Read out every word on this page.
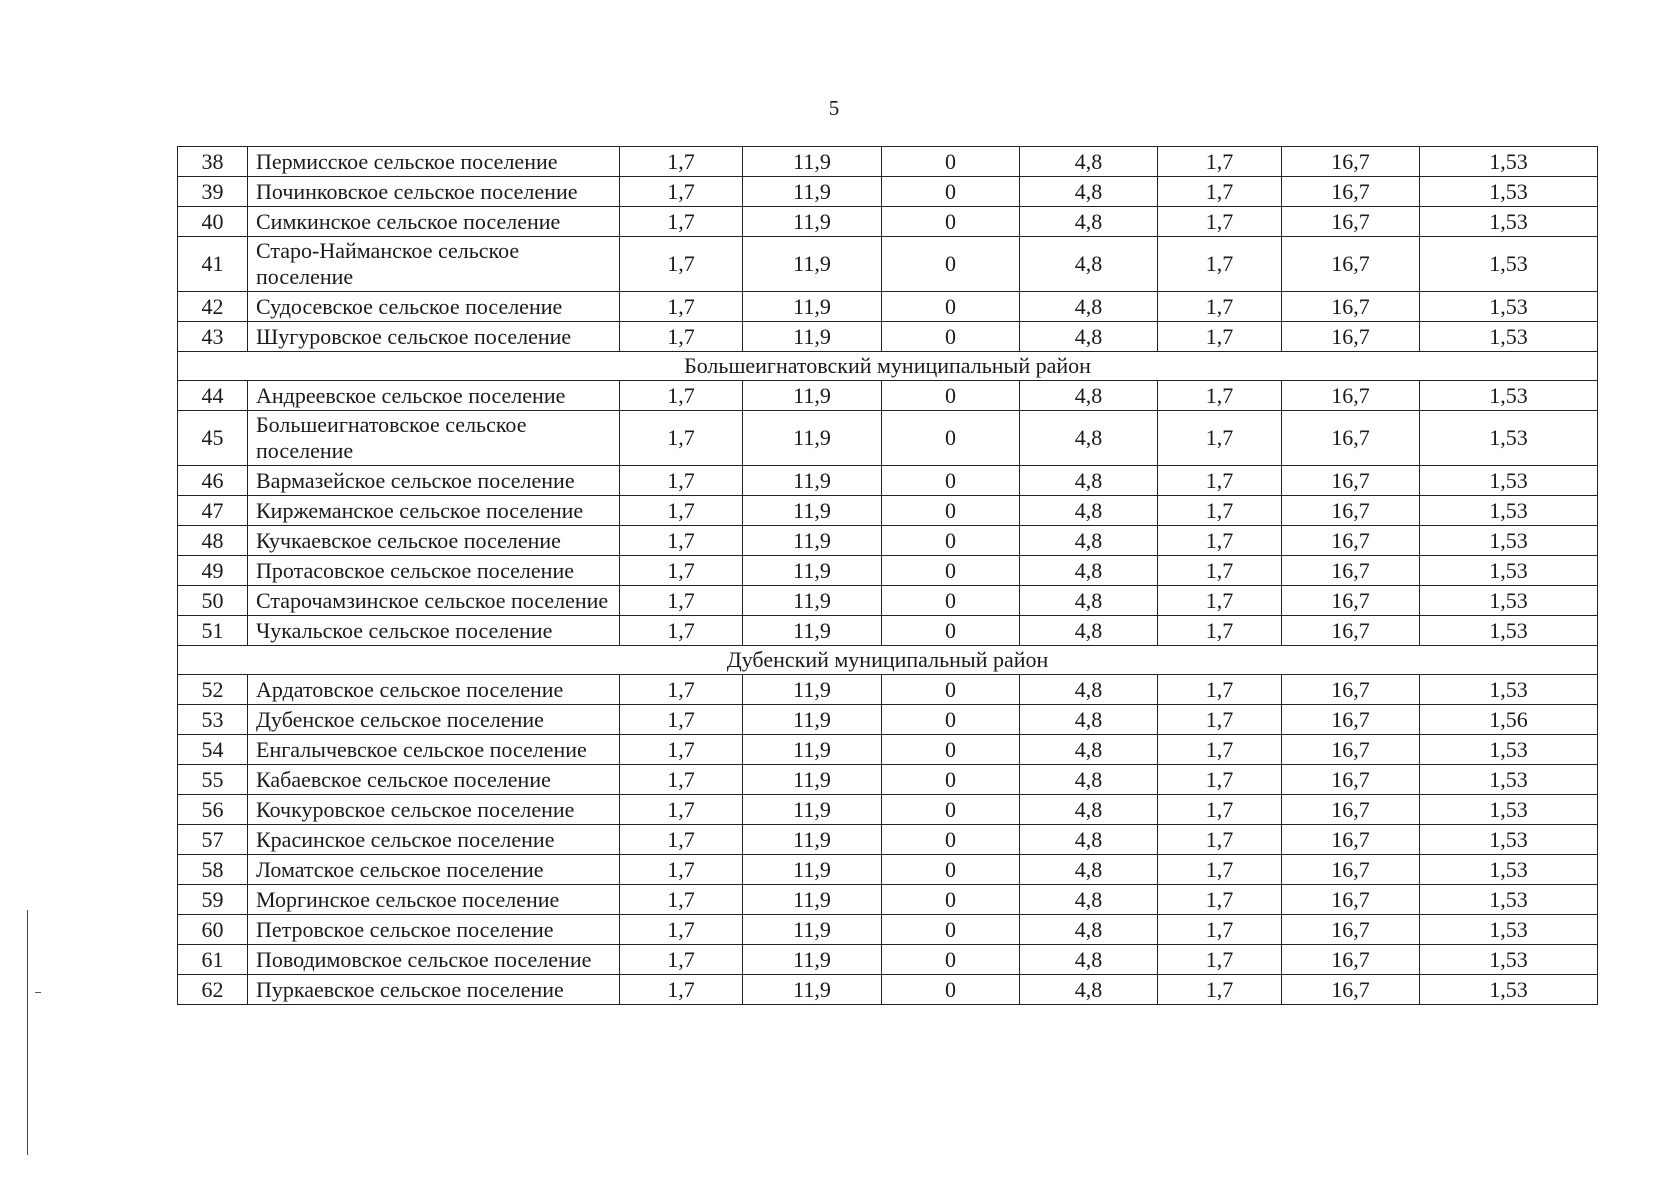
5
38	Пермисское сельское поселение	1,7	11,9	0	4,8	1,7	16,7	1,53
39	Починковское сельское поселение	1,7	11,9	0	4,8	1,7	16,7	1,53
40	Симкинское сельское поселение	1,7	11,9	0	4,8	1,7	16,7	1,53
41	Старо-Найманское сельское поселение	1,7	11,9	0	4,8	1,7	16,7	1,53
42	Судосевское сельское поселение	1,7	11,9	0	4,8	1,7	16,7	1,53
43	Шугуровское сельское поселение	1,7	11,9	0	4,8	1,7	16,7	1,53
Большеигнатовский муниципальный район								
44	Андреевское сельское поселение	1,7	11,9	0	4,8	1,7	16,7	1,53
45	Большеигнатовское сельское поселение	1,7	11,9	0	4,8	1,7	16,7	1,53
46	Вармазейское сельское поселение	1,7	11,9	0	4,8	1,7	16,7	1,53
47	Киржеманское сельское поселение	1,7	11,9	0	4,8	1,7	16,7	1,53
48	Кучкаевское сельское поселение	1,7	11,9	0	4,8	1,7	16,7	1,53
49	Протасовское сельское поселение	1,7	11,9	0	4,8	1,7	16,7	1,53
50	Старочамзинское сельское поселение	1,7	11,9	0	4,8	1,7	16,7	1,53
51	Чукальское сельское поселение	1,7	11,9	0	4,8	1,7	16,7	1,53
Дубенский муниципальный район								
52	Ардатовское сельское поселение	1,7	11,9	0	4,8	1,7	16,7	1,53
53	Дубенское сельское поселение	1,7	11,9	0	4,8	1,7	16,7	1,56
54	Енгалычевское сельское поселение	1,7	11,9	0	4,8	1,7	16,7	1,53
55	Кабаевское сельское поселение	1,7	11,9	0	4,8	1,7	16,7	1,53
56	Кочкуровское сельское поселение	1,7	11,9	0	4,8	1,7	16,7	1,53
57	Красинское сельское поселение	1,7	11,9	0	4,8	1,7	16,7	1,53
58	Ломатское сельское поселение	1,7	11,9	0	4,8	1,7	16,7	1,53
59	Моргинское сельское поселение	1,7	11,9	0	4,8	1,7	16,7	1,53
60	Петровское сельское поселение	1,7	11,9	0	4,8	1,7	16,7	1,53
61	Поводимовское сельское поселение	1,7	11,9	0	4,8	1,7	16,7	1,53
62	Пуркаевское сельское поселение	1,7	11,9	0	4,8	1,7	16,7	1,53
